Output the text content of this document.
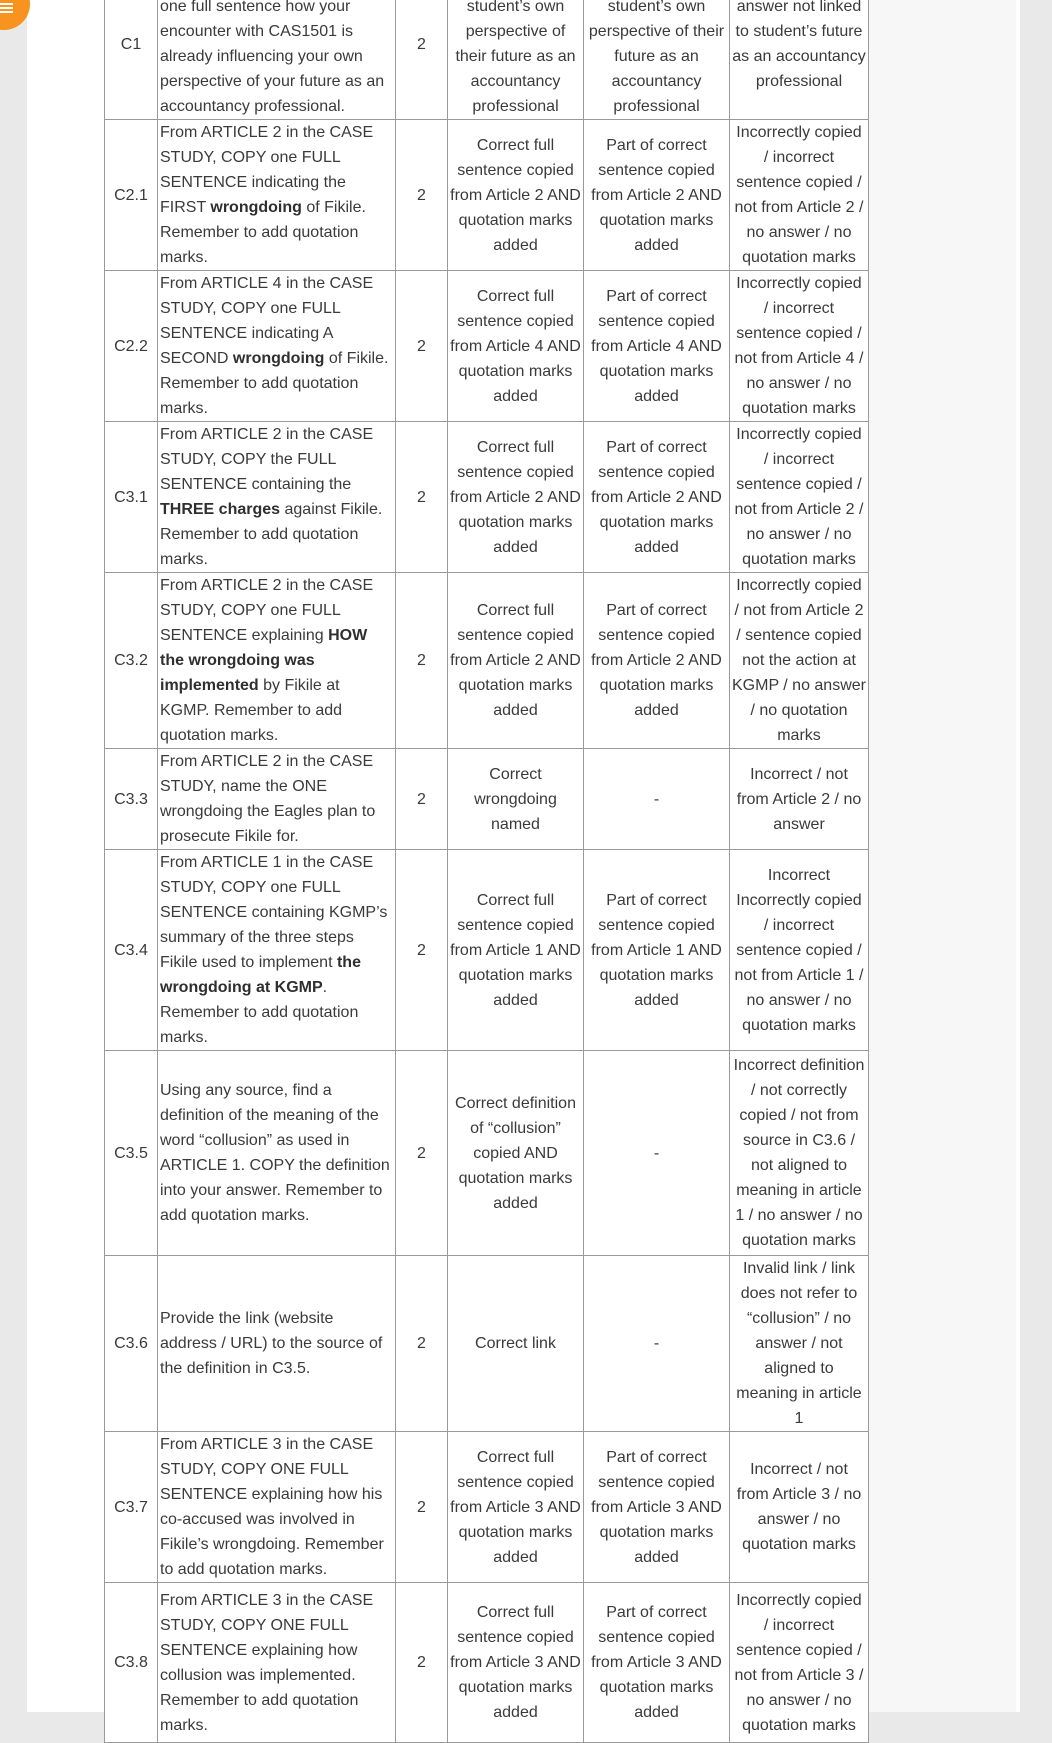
C1	one full sentence how your encounter with CAS1501 is already influencing your own perspective of your future as an accountancy professional.	2	student’s own perspective of their future as an accountancy professional	student’s own perspective of their future as an accountancy professional	answer not linked to student’s future as an accountancy professional
C2.1	From ARTICLE 2 in the CASE STUDY, COPY one FULL SENTENCE indicating the FIRST wrongdoing of Fikile. Remember to add quotation marks.	2	Correct full sentence copied from Article 2 AND quotation marks added	Part of correct sentence copied from Article 2 AND quotation marks added	Incorrectly copied / incorrect sentence copied / not from Article 2 / no answer / no quotation marks
C2.2	From ARTICLE 4 in the CASE STUDY, COPY one FULL SENTENCE indicating A SECOND wrongdoing of Fikile. Remember to add quotation marks.	2	Correct full sentence copied from Article 4 AND quotation marks added	Part of correct sentence copied from Article 4 AND quotation marks added	Incorrectly copied / incorrect sentence copied / not from Article 4 / no answer / no quotation marks
C3.1	From ARTICLE 2 in the CASE STUDY, COPY the FULL SENTENCE containing the THREE charges against Fikile. Remember to add quotation marks.	2	Correct full sentence copied from Article 2 AND quotation marks added	Part of correct sentence copied from Article 2 AND quotation marks added	Incorrectly copied / incorrect sentence copied / not from Article 2 / no answer / no quotation marks
C3.2	From ARTICLE 2 in the CASE STUDY, COPY one FULL SENTENCE explaining HOW the wrongdoing was implemented by Fikile at KGMP. Remember to add quotation marks.	2	Correct full sentence copied from Article 2 AND quotation marks added	Part of correct sentence copied from Article 2 AND quotation marks added	Incorrectly copied / not from Article 2 / sentence copied not the action at KGMP / no answer / no quotation marks
C3.3	From ARTICLE 2 in the CASE STUDY, name the ONE wrongdoing the Eagles plan to prosecute Fikile for.	2	Correct wrongdoing named	-	Incorrect / not from Article 2 / no answer
C3.4	From ARTICLE 1 in the CASE STUDY, COPY one FULL SENTENCE containing KGMP’s summary of the three steps Fikile used to implement the wrongdoing at KGMP. Remember to add quotation marks.	2	Correct full sentence copied from Article 1 AND quotation marks added	Part of correct sentence copied from Article 1 AND quotation marks added	Incorrect Incorrectly copied / incorrect sentence copied / not from Article 1 / no answer / no quotation marks
C3.5	Using any source, find a definition of the meaning of the word “collusion” as used in ARTICLE 1. COPY the definition into your answer. Remember to add quotation marks.	2	Correct definition of “collusion” copied AND quotation marks added	-	Incorrect definition / not correctly copied / not from source in C3.6 / not aligned to meaning in article 1 / no answer / no quotation marks
C3.6	Provide the link (website address / URL) to the source of the definition in C3.5.	2	Correct link	-	Invalid link / link does not refer to “collusion” / no answer / not aligned to meaning in article 1
C3.7	From ARTICLE 3 in the CASE STUDY, COPY ONE FULL SENTENCE explaining how his co-accused was involved in Fikile’s wrongdoing. Remember to add quotation marks.	2	Correct full sentence copied from Article 3 AND quotation marks added	Part of correct sentence copied from Article 3 AND quotation marks added	Incorrect / not from Article 3 / no answer / no quotation marks
C3.8	From ARTICLE 3 in the CASE STUDY, COPY ONE FULL SENTENCE explaining how collusion was implemented. Remember to add quotation marks.	2	Correct full sentence copied from Article 3 AND quotation marks added	Part of correct sentence copied from Article 3 AND quotation marks added	Incorrectly copied / incorrect sentence copied / not from Article 3 / no answer / no quotation marks
